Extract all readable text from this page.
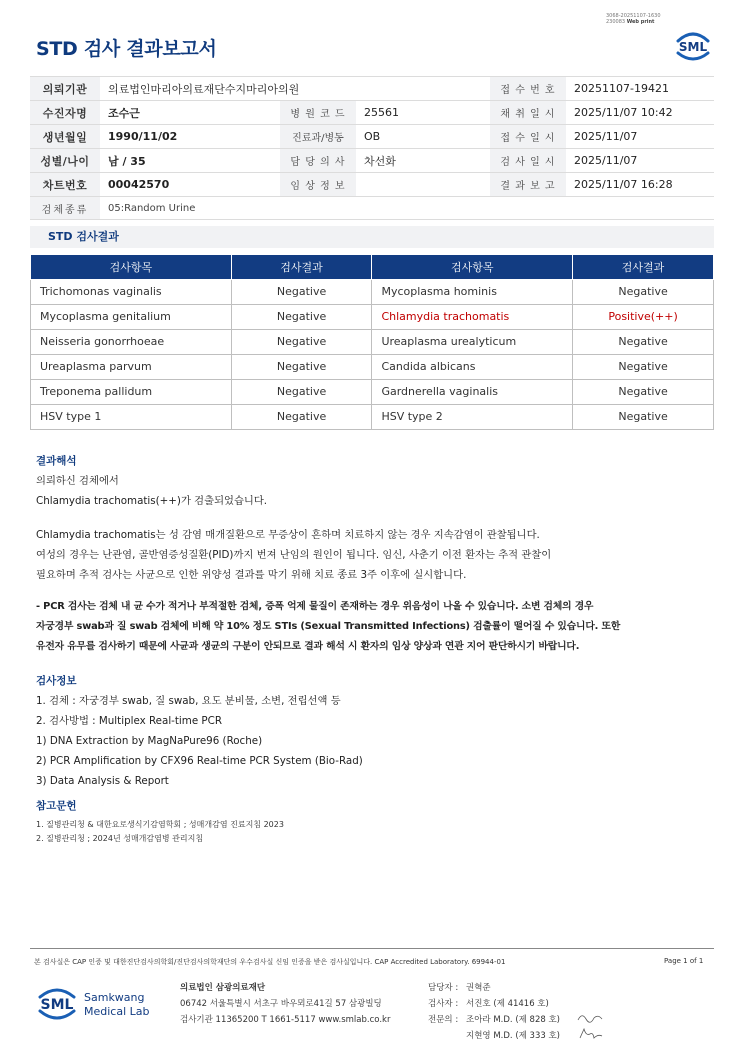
3068-20251107-1630
230083 Web print
STD 검사 결과보고서	SML
의뢰기관	의료법인마리아의료재단수지마리아의원			접 수 번 호	20251107-19421
수진자명	조수근	병 원 코 드	25561	채 취 일 시	2025/11/07 10:42
생년월일	1990/11/02	진료과/병동	OB	접 수 일 시	2025/11/07
성별/나이	남 / 35	담 당 의 사	차선화	검 사 일 시	2025/11/07
차트번호	00042570	임 상 정 보		결 과 보 고	2025/11/07 16:28
검체종류	05:Random Urine				
STD 검사결과
검사항목	검사결과	검사항목	검사결과
Trichomonas vaginalis	Negative	Mycoplasma hominis	Negative
Mycoplasma genitalium	Negative	Chlamydia trachomatis	Positive(++)
Neisseria gonorrhoeae	Negative	Ureaplasma urealyticum	Negative
Ureaplasma parvum	Negative	Candida albicans	Negative
Treponema pallidum	Negative	Gardnerella vaginalis	Negative
HSV type 1	Negative	HSV type 2	Negative
결과해석

의뢰하신 검체에서

Chlamydia trachomatis(++)가 검출되었습니다.

Chlamydia trachomatis는 성 감염 매개질환으로 무증상이 흔하며 치료하지 않는 경우 지속감염이 관찰됩니다.

여성의 경우는 난관염, 골반염증성질환(PID)까지 번져 난임의 원인이 됩니다. 임신, 사춘기 이전 환자는 추적 관찰이

필요하며 추적 검사는 사균으로 인한 위양성 결과를 막기 위해 치료 종료 3주 이후에 실시합니다.

- PCR 검사는 검체 내 균 수가 적거나 부적절한 검체, 증폭 억제 물질이 존재하는 경우 위음성이 나올 수 있습니다. 소변 검체의 경우

자궁경부 swab과 질 swab 검체에 비해 약 10% 정도 STIs (Sexual Transmitted Infections) 검출률이 떨어질 수 있습니다. 또한

유전자 유무를 검사하기 때문에 사균과 생균의 구분이 안되므로 결과 해석 시 환자의 임상 양상과 연관 지어 판단하시기 바랍니다.

검사정보

1. 검체 : 자궁경부 swab, 질 swab, 요도 분비물, 소변, 전립선액 등

2. 검사방법 : Multiplex Real-time PCR

1) DNA Extraction by MagNaPure96 (Roche)

2) PCR Amplification by CFX96 Real-time PCR System (Bio-Rad)

3) Data Analysis & Report

참고문헌

1. 질병관리청 & 대한요로생식기감염학회 ; 성매개감염 진료지침 2023

2. 질병관리청 ; 2024년 성매개감염병 관리지침

본 검사실은 CAP 인증 및 대한진단검사의학회/진단검사의학재단의 우수검사실 신임 인증을 받은 검사실입니다. CAP Accredited Laboratory. 69944-01	Page 1 of 1
SML Samkwang
Medical Lab
의료법인 삼광의료재단
06742 서울특별시 서초구 바우뫼로41길 57 삼광빌딩
검사기관 11365200 T 1661-5117 www.smlab.co.kr
담당자 : 권혁준
검사자 : 서진호 (제 41416 호)
전문의 : 조아라 M.D. (제 828 호)
지현영 M.D. (제 333 호)
